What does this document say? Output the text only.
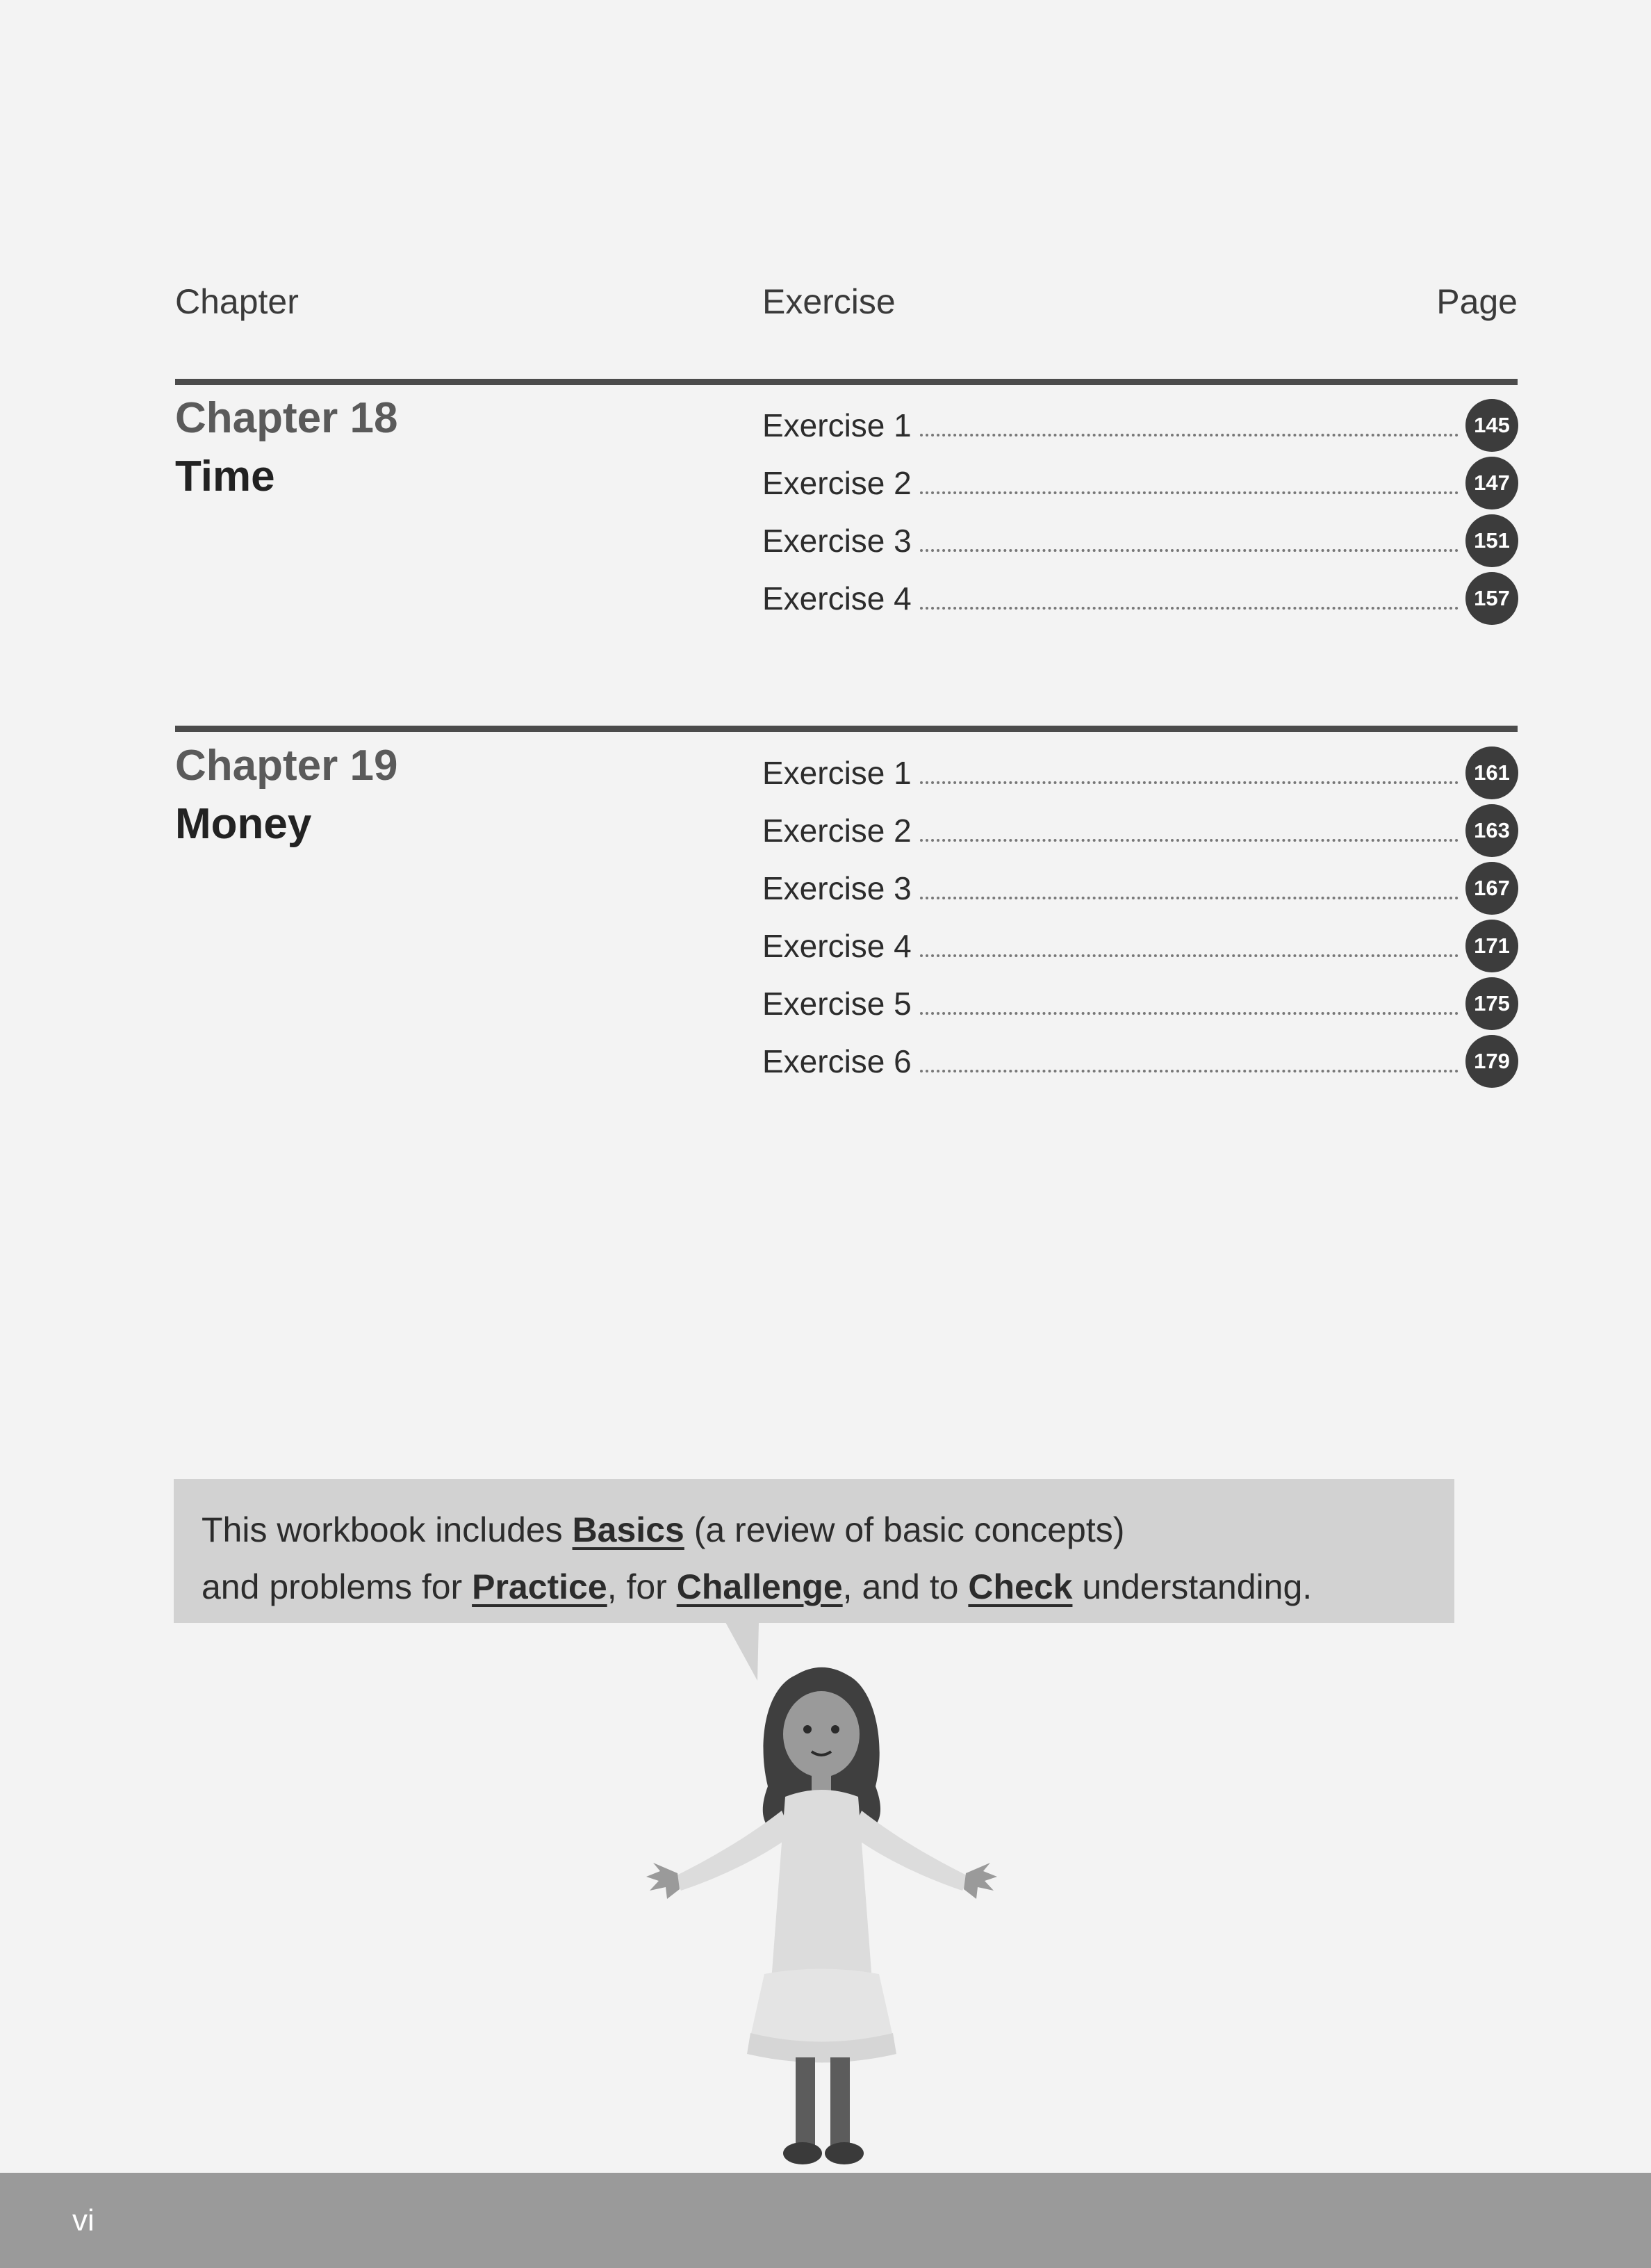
Chapter	Exercise	Page
Chapter 18
Time
Exercise 1	145
Exercise 2	147
Exercise 3	151
Exercise 4	157
Chapter 19
Money
Exercise 1	161
Exercise 2	163
Exercise 3	167
Exercise 4	171
Exercise 5	175
Exercise 6	179
This workbook includes Basics (a review of basic concepts)
and problems for Practice, for Challenge, and to Check understanding.
vi
